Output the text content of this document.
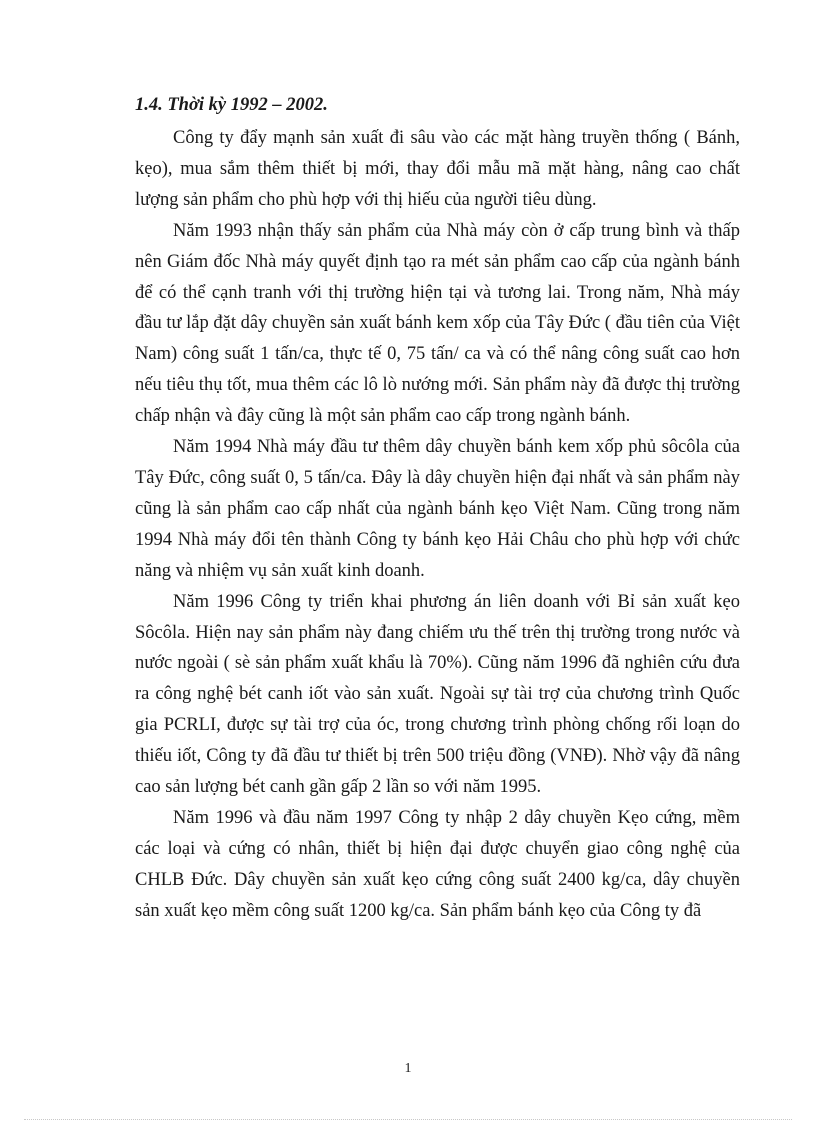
1.4. Thời kỳ 1992 – 2002.

Công ty đẩy mạnh sản xuất đi sâu vào các mặt hàng truyền thống ( Bánh, kẹo), mua sắm thêm thiết bị mới, thay đổi mẫu mã mặt hàng, nâng cao chất lượng sản phẩm cho phù hợp với thị hiếu của người tiêu dùng.

Năm 1993 nhận thấy sản phẩm của Nhà máy còn ở cấp trung bình và thấp nên Giám đốc Nhà máy quyết định tạo ra mét sản phẩm cao cấp của ngành bánh để có thể cạnh tranh với thị trường hiện tại và tương lai. Trong năm, Nhà máy đầu tư lắp đặt dây chuyền sản xuất bánh kem xốp của Tây Đức ( đầu tiên của Việt Nam) công suất 1 tấn/ca, thực tế 0, 75 tấn/ ca và có thể nâng công suất cao hơn nếu tiêu thụ tốt, mua thêm các lô lò nướng mới. Sản phẩm này đã được thị trường chấp nhận và đây cũng là một sản phẩm cao cấp trong ngành bánh.

Năm 1994 Nhà máy đầu tư thêm dây chuyền bánh kem xốp phủ sôcôla của Tây Đức, công suất 0, 5 tấn/ca. Đây là dây chuyền hiện đại nhất và sản phẩm này cũng là sản phẩm cao cấp nhất của ngành bánh kẹo Việt Nam. Cũng trong năm 1994 Nhà máy đổi tên thành Công ty bánh kẹo Hải Châu cho phù hợp với chức năng và nhiệm vụ sản xuất kinh doanh.

Năm 1996 Công ty triển khai phương án liên doanh với Bỉ sản xuất kẹo Sôcôla. Hiện nay sản phẩm này đang chiếm ưu thế trên thị trường trong nước và nước ngoài ( sè sản phẩm xuất khẩu là 70%). Cũng năm 1996 đã nghiên cứu đưa ra công nghệ bét canh iốt vào sản xuất. Ngoài sự tài trợ của chương trình Quốc gia PCRLI, được sự tài trợ của óc, trong chương trình phòng chống rối loạn do thiếu iốt, Công ty đã đầu tư thiết bị trên 500 triệu đồng (VNĐ). Nhờ vậy đã nâng cao sản lượng bét canh gần gấp 2 lần so với năm 1995.

Năm 1996 và đầu năm 1997 Công ty nhập 2 dây chuyền Kẹo cứng, mềm các loại và cứng có nhân, thiết bị hiện đại được chuyển giao công nghệ của CHLB Đức. Dây chuyền sản xuất kẹo cứng công suất 2400 kg/ca, dây chuyền sản xuất kẹo mềm công suất 1200 kg/ca. Sản phẩm bánh kẹo của Công ty đã

1
